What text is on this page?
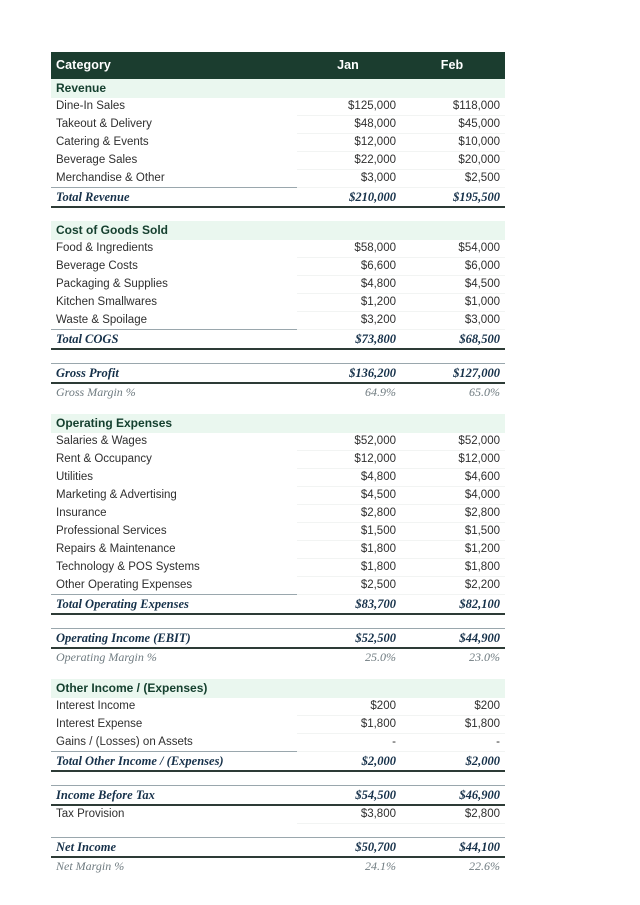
Category	Jan	Feb
Revenue		
Dine-In Sales	$125,000	$118,000
Takeout & Delivery	$48,000	$45,000
Catering & Events	$12,000	$10,000
Beverage Sales	$22,000	$20,000
Merchandise & Other	$3,000	$2,500
Total Revenue	$210,000	$195,500

Cost of Goods Sold		
Food & Ingredients	$58,000	$54,000
Beverage Costs	$6,600	$6,000
Packaging & Supplies	$4,800	$4,500
Kitchen Smallwares	$1,200	$1,000
Waste & Spoilage	$3,200	$3,000
Total COGS	$73,800	$68,500

Gross Profit	$136,200	$127,000
Gross Margin %	64.9%	65.0%

Operating Expenses		
Salaries & Wages	$52,000	$52,000
Rent & Occupancy	$12,000	$12,000
Utilities	$4,800	$4,600
Marketing & Advertising	$4,500	$4,000
Insurance	$2,800	$2,800
Professional Services	$1,500	$1,500
Repairs & Maintenance	$1,800	$1,200
Technology & POS Systems	$1,800	$1,800
Other Operating Expenses	$2,500	$2,200
Total Operating Expenses	$83,700	$82,100

Operating Income (EBIT)	$52,500	$44,900
Operating Margin %	25.0%	23.0%

Other Income / (Expenses)		
Interest Income	$200	$200
Interest Expense	$1,800	$1,800
Gains / (Losses) on Assets	-	-
Total Other Income / (Expenses)	$2,000	$2,000

Income Before Tax	$54,500	$46,900
Tax Provision	$3,800	$2,800

Net Income	$50,700	$44,100
Net Margin %	24.1%	22.6%
